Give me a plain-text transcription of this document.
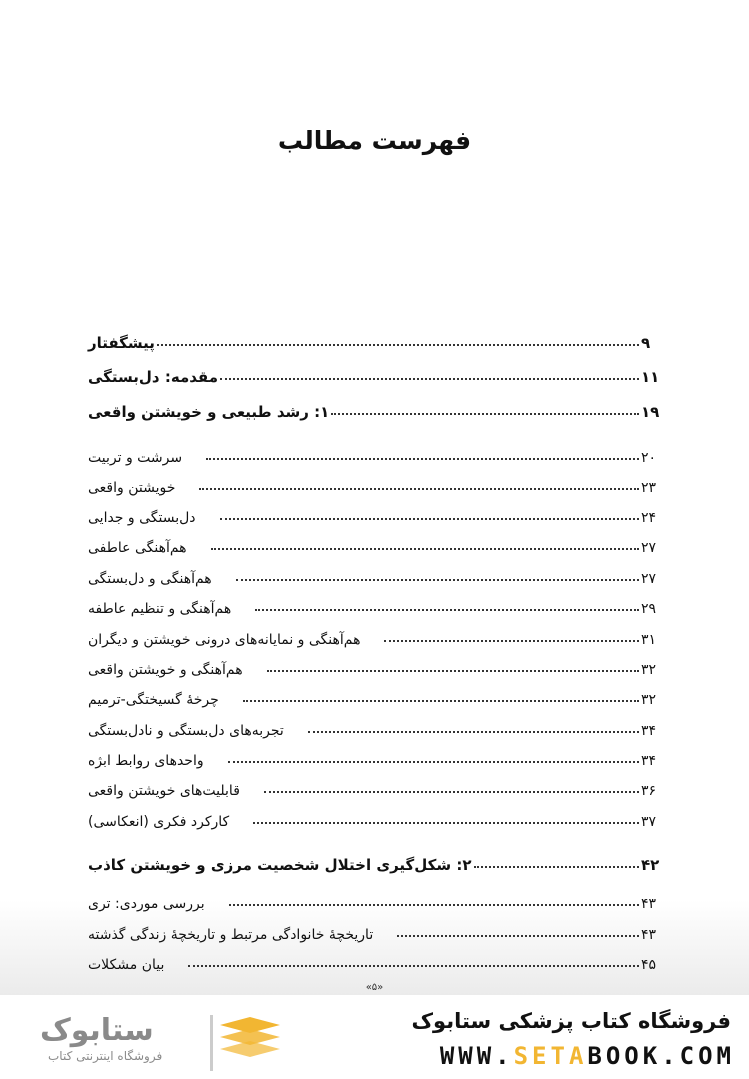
فهرست مطالب
پیشگفتار	۹
مقدمه: دل‌بستگی	۱۱
۱: رشد طبیعی و خویشتن واقعی	۱۹
سرشت و تربیت	۲۰
خویشتن واقعی	۲۳
دل‌بستگی و جدایی	۲۴
هم‌آهنگی عاطفی	۲۷
هم‌آهنگی و دل‌بستگی	۲۷
هم‌آهنگی و تنظیم عاطفه	۲۹
هم‌آهنگی و نمایانه‌های درونی خویشتن و دیگران	۳۱
هم‌آهنگی و خویشتن واقعی	۳۲
چرخهٔ گسیختگی-ترمیم	۳۲
تجربه‌های دل‌بستگی و نادل‌بستگی	۳۴
واحدهای روابط ابژه	۳۴
قابلیت‌های خویشتن واقعی	۳۶
کارکرد فکری (انعکاسی)	۳۷
۲: شکل‌گیری اختلال شخصیت مرزی و خویشتن کاذب	۴۲
بررسی موردی: تری	۴۳
تاریخچهٔ خانوادگی مرتبط و تاریخچهٔ زندگی گذشته	۴۳
بیان مشکلات	۴۵
«۵»
ستابوک
فروشگاه اینترنتی کتاب
فروشگاه کتاب پزشکی ستابوک
WWW.SETABOOK.COM
